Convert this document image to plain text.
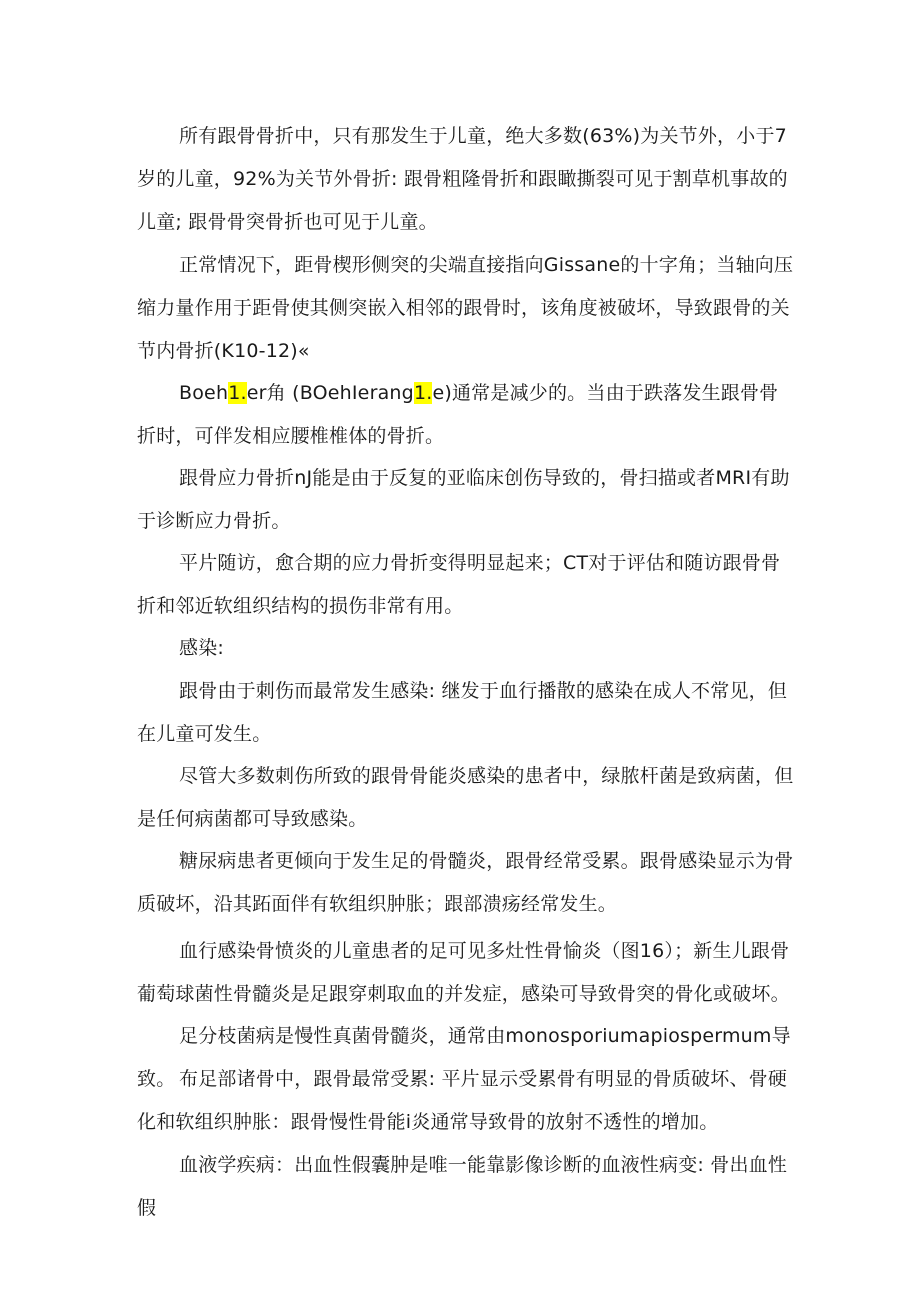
所有跟骨骨折中，只有那发生于儿童，绝大多数(63%)为关节外，小于7岁的儿童，92%为关节外骨折: 跟骨粗隆骨折和跟瞰撕裂可见于割草机事故的儿童; 跟骨骨突骨折也可见于儿童。

正常情况下，距骨楔形侧突的尖端直接指向Gissane的十字角；当轴向压缩力量作用于距骨使其侧突嵌入相邻的跟骨时，该角度被破坏，导致跟骨的关节内骨折(K10-12)«

Boeh1.er角 (BOehIerang1.e)通常是减少的。当由于跌落发生跟骨骨折时，可伴发相应腰椎椎体的骨折。

跟骨应力骨折nJ能是由于反复的亚临床创伤导致的，骨扫描或者MRI有助于诊断应力骨折。

平片随访，愈合期的应力骨折变得明显起来；CT对于评估和随访跟骨骨折和邻近软组织结构的损伤非常有用。

感染:

跟骨由于刺伤而最常发生感染: 继发于血行播散的感染在成人不常见，但在儿童可发生。

尽管大多数刺伤所致的跟骨骨能炎感染的患者中，绿脓杆菌是致病菌，但是任何病菌都可导致感染。

糖尿病患者更倾向于发生足的骨髓炎，跟骨经常受累。跟骨感染显示为骨质破坏，沿其跖面伴有软组织肿胀；跟部溃疡经常发生。

血行感染骨愤炎的儿童患者的足可见多灶性骨愉炎（图16）；新生儿跟骨葡萄球菌性骨髓炎是足跟穿刺取血的并发症，感染可导致骨突的骨化或破坏。

足分枝菌病是慢性真菌骨髓炎，通常由monosporiumapiospermum导致。 布足部诸骨中，跟骨最常受累: 平片显示受累骨有明显的骨质破坏、骨硬化和软组织肿胀：跟骨慢性骨能i炎通常导致骨的放射不透性的增加。

血液学疾病：出血性假囊肿是唯一能靠影像诊断的血液性病变: 骨出血性假
